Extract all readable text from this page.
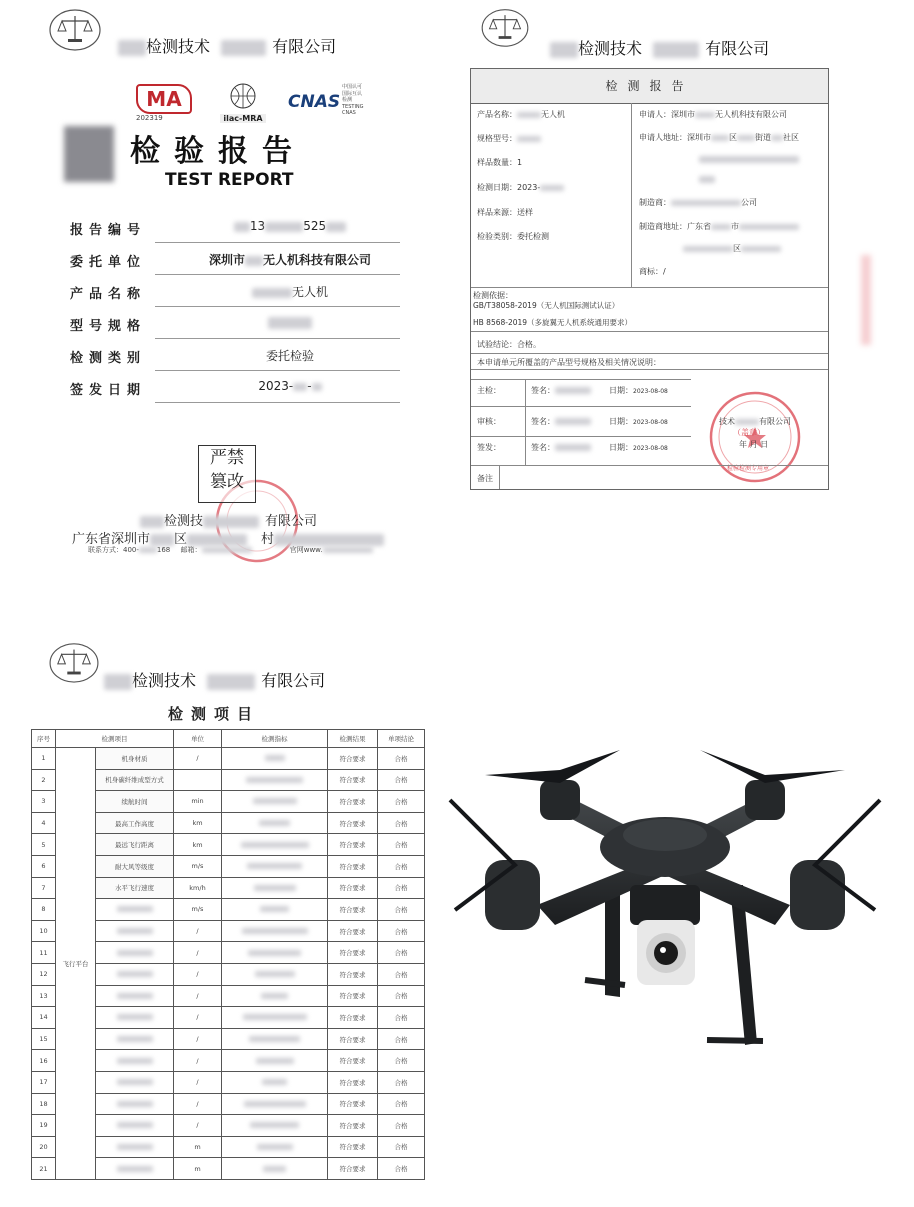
检测技术	有限公司
MA
202319	ilac-MRA
CNAS
中国认可
国际互认
检测
TESTING
CNAS
检验报告
TEST REPORT
报告编号	13	525
委托单位	深圳市 无人机科技有限公司
产品名称	无人机
型号规格
检测类别	委托检验
签发日期	2023- -
严禁
篡改
检测技	有限公司
广东省深圳市 区	村
联系方式：400-	168 邮箱：	官网www.
检测技术	有限公司
检测报告
产品名称：	无人机
规格型号：
样品数量：1
检测日期：2023-
样品来源：送样
检验类别：委托检测
申请人：深圳市	无人机科技有限公司
申请人地址：深圳市 区 街道 社区
制造商：	公司
制造商地址：广东省	市
区
商标：/
检测依据：
GB/T38058-2019（无人机国际测试认证）
HB 8568-2019（多旋翼无人机系统通用要求）
试验结论：合格。
本申请单元所覆盖的产品型号规格及相关情况说明：
主检：	签名：	日期：2023-08-08
审核：	签名：	日期：2023-08-08
签发：	签名：	日期：2023-08-08
技术	有限公司
（盖章）
年 月 日
检验检测专用章
备注
检测技术	有限公司
检测项目
序号	检测项目		单位	检测指标	检测结果	单项结论
1	飞行平台	机身材质	/		符合要求	合格
2		机身碳纤维成型方式			符合要求	合格
3		续航时间	min		符合要求	合格
4		最高工作高度	km		符合要求	合格
5		最远飞行距离	km		符合要求	合格
6		耐大风等级度	m/s		符合要求	合格
7		水平飞行速度	km/h		符合要求	合格
8			m/s		符合要求	合格
10			/		符合要求	合格
11			/		符合要求	合格
12			/		符合要求	合格
13			/		符合要求	合格
14			/		符合要求	合格
15			/		符合要求	合格
16			/		符合要求	合格
17			/		符合要求	合格
18			/		符合要求	合格
19			/		符合要求	合格
20			m		符合要求	合格
21			m		符合要求	合格
